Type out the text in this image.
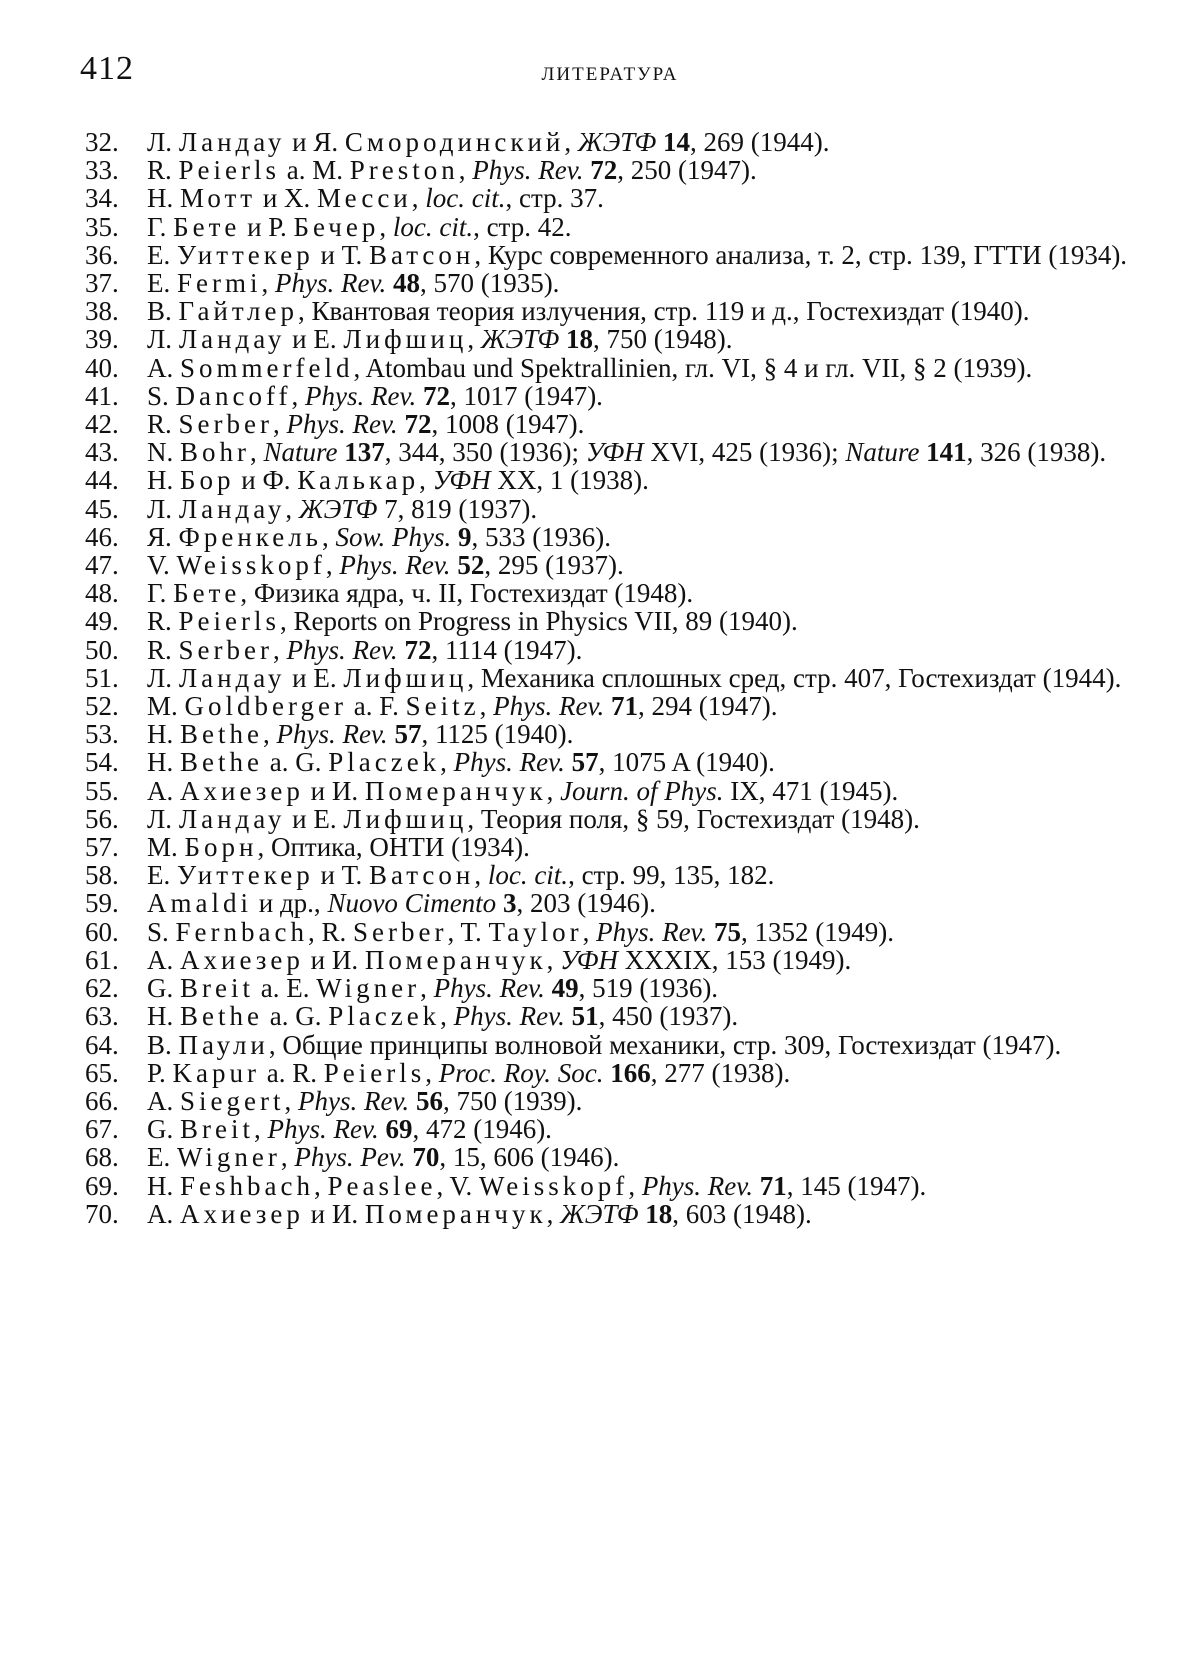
412	ЛИТЕРАТУРА
32. Л. Ландау и Я. Смородинский, ЖЭТФ 14, 269 (1944).
33. R. Peierls a. M. Preston, Phys. Rev. 72, 250 (1947).
34. Н. Мотт и Х. Месси, loc. cit., стр. 37.
35. Г. Бете и Р. Бечер, loc. cit., стр. 42.
36. Е. Уиттекер и Т. Ватсон, Курс современного анализа, т. 2, стр. 139, ГТТИ (1934).
37. E. Fermi, Phys. Rev. 48, 570 (1935).
38. В. Гайтлер, Квантовая теория излучения, стр. 119 и д., Гостехиздат (1940).
39. Л. Ландау и Е. Лифшиц, ЖЭТФ 18, 750 (1948).
40. A. Sommerfeld, Atombau und Spektrallinien, гл. VI, § 4 и гл. VII, § 2 (1939).
41. S. Dancoff, Phys. Rev. 72, 1017 (1947).
42. R. Serber, Phys. Rev. 72, 1008 (1947).
43. N. Bohr, Nature 137, 344, 350 (1936); УФН XVI, 425 (1936); Nature 141, 326 (1938).
44. Н. Бор и Ф. Калькар, УФН XX, 1 (1938).
45. Л. Ландау, ЖЭТФ 7, 819 (1937).
46. Я. Френкель, Sow. Phys. 9, 533 (1936).
47. V. Weisskopf, Phys. Rev. 52, 295 (1937).
48. Г. Бете, Физика ядра, ч. II, Гостехиздат (1948).
49. R. Peierls, Reports on Progress in Physics VII, 89 (1940).
50. R. Serber, Phys. Rev. 72, 1114 (1947).
51. Л. Ландау и Е. Лифшиц, Механика сплошных сред, стр. 407, Гостехиздат (1944).
52. M. Goldberger a. F. Seitz, Phys. Rev. 71, 294 (1947).
53. H. Bethe, Phys. Rev. 57, 1125 (1940).
54. H. Bethe a. G. Placzek, Phys. Rev. 57, 1075 A (1940).
55. А. Ахиезер и И. Померанчук, Journ. of Phys. IX, 471 (1945).
56. Л. Ландау и Е. Лифшиц, Теория поля, § 59, Гостехиздат (1948).
57. М. Борн, Оптика, ОНТИ (1934).
58. Е. Уиттекер и Т. Ватсон, loc. cit., стр. 99, 135, 182.
59. Amaldi и др., Nuovo Cimento 3, 203 (1946).
60. S. Fernbach, R. Serber, T. Taylor, Phys. Rev. 75, 1352 (1949).
61. А. Ахиезер и И. Померанчук, УФН XXXIX, 153 (1949).
62. G. Breit a. E. Wigner, Phys. Rev. 49, 519 (1936).
63. H. Bethe a. G. Placzek, Phys. Rev. 51, 450 (1937).
64. В. Паули, Общие принципы волновой механики, стр. 309, Гостехиздат (1947).
65. P. Kapur a. R. Peierls, Proc. Roy. Soc. 166, 277 (1938).
66. A. Siegert, Phys. Rev. 56, 750 (1939).
67. G. Breit, Phys. Rev. 69, 472 (1946).
68. E. Wigner, Phys. Pev. 70, 15, 606 (1946).
69. H. Feshbach, Peaslee, V. Weisskopf, Phys. Rev. 71, 145 (1947).
70. А. Ахиезер и И. Померанчук, ЖЭТФ 18, 603 (1948).
